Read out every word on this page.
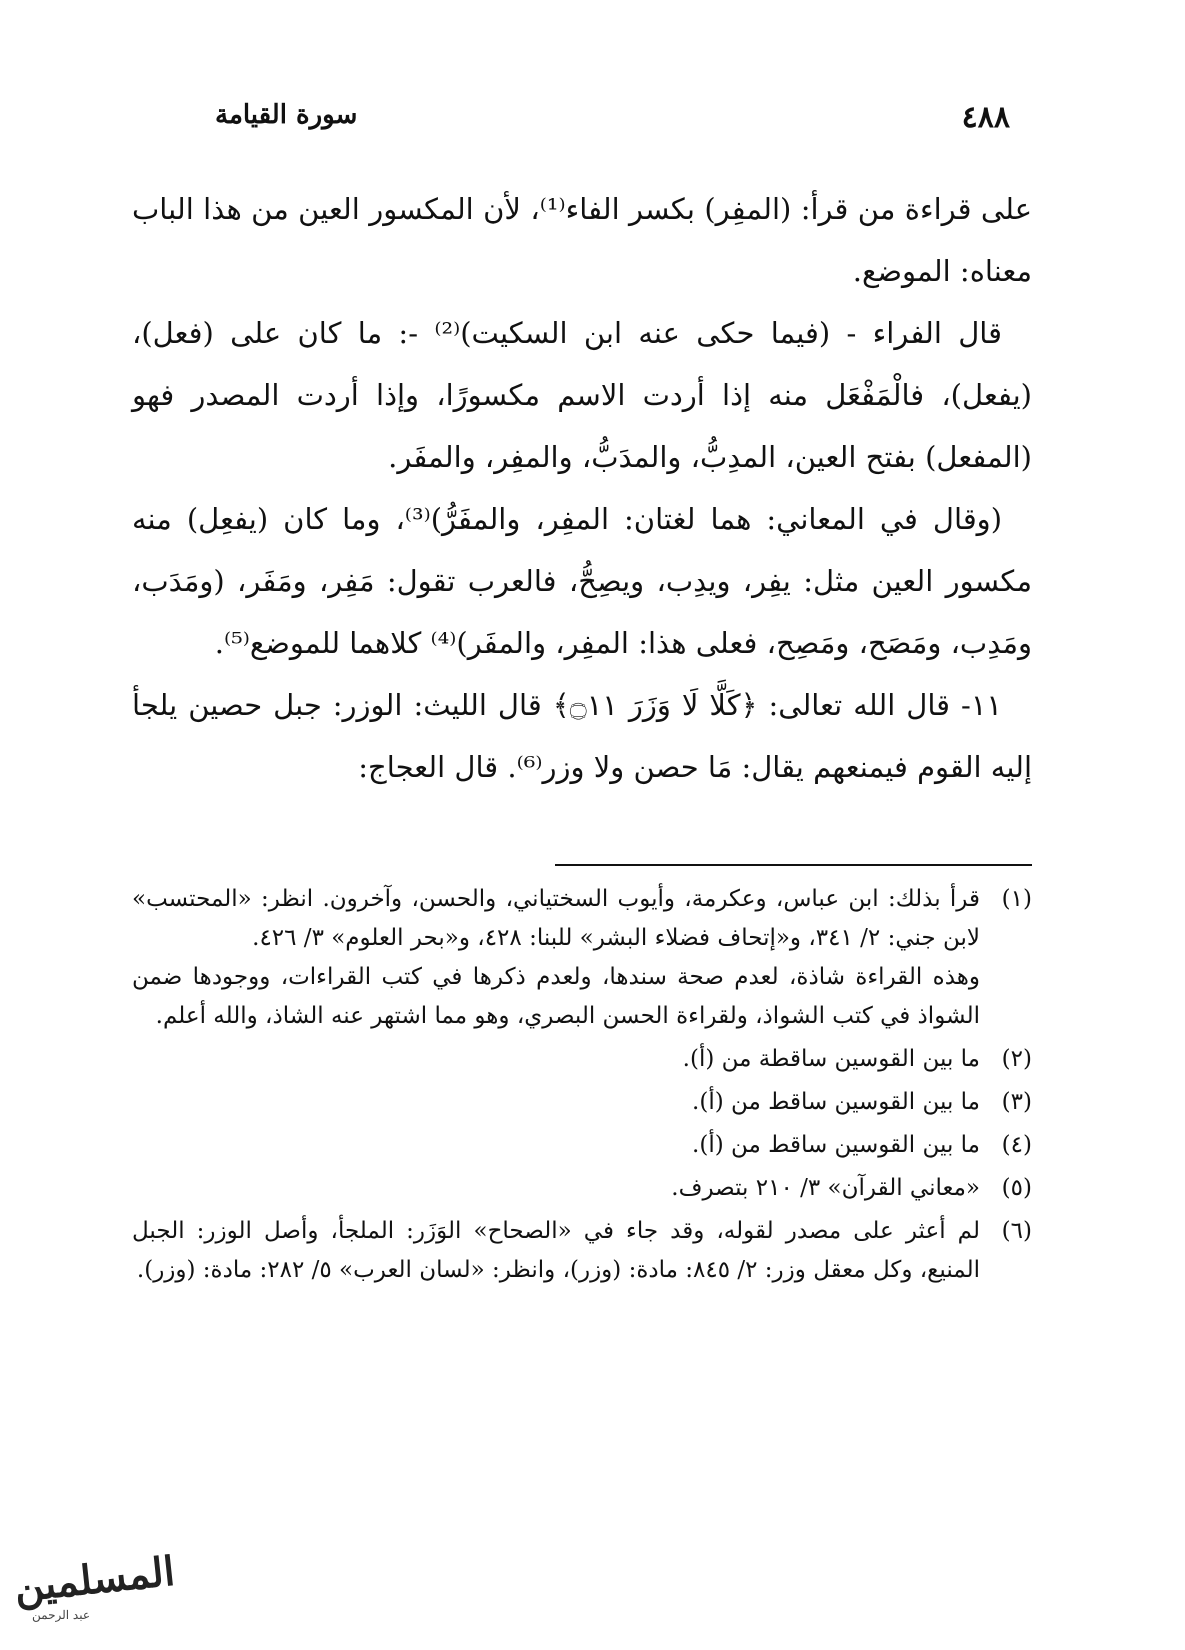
٤٨٨
سورة القيامة

على قراءة من قرأ: (المفِر) بكسر الفاء⁽¹⁾، لأن المكسور العين من هذا الباب معناه: الموضع.

قال الفراء - (فيما حكى عنه ابن السكيت)⁽²⁾ -: ما كان على (فعل)، (يفعل)، فالْمَفْعَل منه إذا أردت الاسم مكسورًا، وإذا أردت المصدر فهو (المفعل) بفتح العين، المدِبُّ، والمدَبُّ، والمفِر، والمفَر.

(وقال في المعاني: هما لغتان: المفِر، والمفَرُّ)⁽³⁾، وما كان (يفعِل) منه مكسور العين مثل: يفِر، ويدِب، ويصِحُّ، فالعرب تقول: مَفِر، ومَفَر، (ومَدَب، ومَدِب، ومَصَح، ومَصِح، فعلى هذا: المفِر، والمفَر)⁽⁴⁾ كلاهما للموضع⁽⁵⁾.

١١- قال الله تعالى: ﴿كَلَّا لَا وَزَرَ ۝١١﴾ قال الليث: الوزر: جبل حصين يلجأ إليه القوم فيمنعهم يقال: مَا حصن ولا وزر⁽⁶⁾. قال العجاج:

(١)

قرأ بذلك: ابن عباس، وعكرمة، وأيوب السختياني، والحسن، وآخرون. انظر: «المحتسب» لابن جني: ٢/ ٣٤١، و«إتحاف فضلاء البشر» للبنا: ٤٢٨، و«بحر العلوم» ٣/ ٤٢٦.

وهذه القراءة شاذة، لعدم صحة سندها، ولعدم ذكرها في كتب القراءات، ووجودها ضمن الشواذ في كتب الشواذ، ولقراءة الحسن البصري، وهو مما اشتهر عنه الشاذ، والله أعلم.

(٢)

ما بين القوسين ساقطة من (أ).

(٣)

ما بين القوسين ساقط من (أ).

(٤)

ما بين القوسين ساقط من (أ).

(٥)

«معاني القرآن» ٣/ ٢١٠ بتصرف.

(٦)

لم أعثر على مصدر لقوله، وقد جاء في «الصحاح» الوَزَر: الملجأ، وأصل الوزر: الجبل المنيع، وكل معقل وزر: ٢/ ٨٤٥: مادة: (وزر)، وانظر: «لسان العرب» ٥/ ٢٨٢: مادة: (وزر).

المسلمين
عبد الرحمن
